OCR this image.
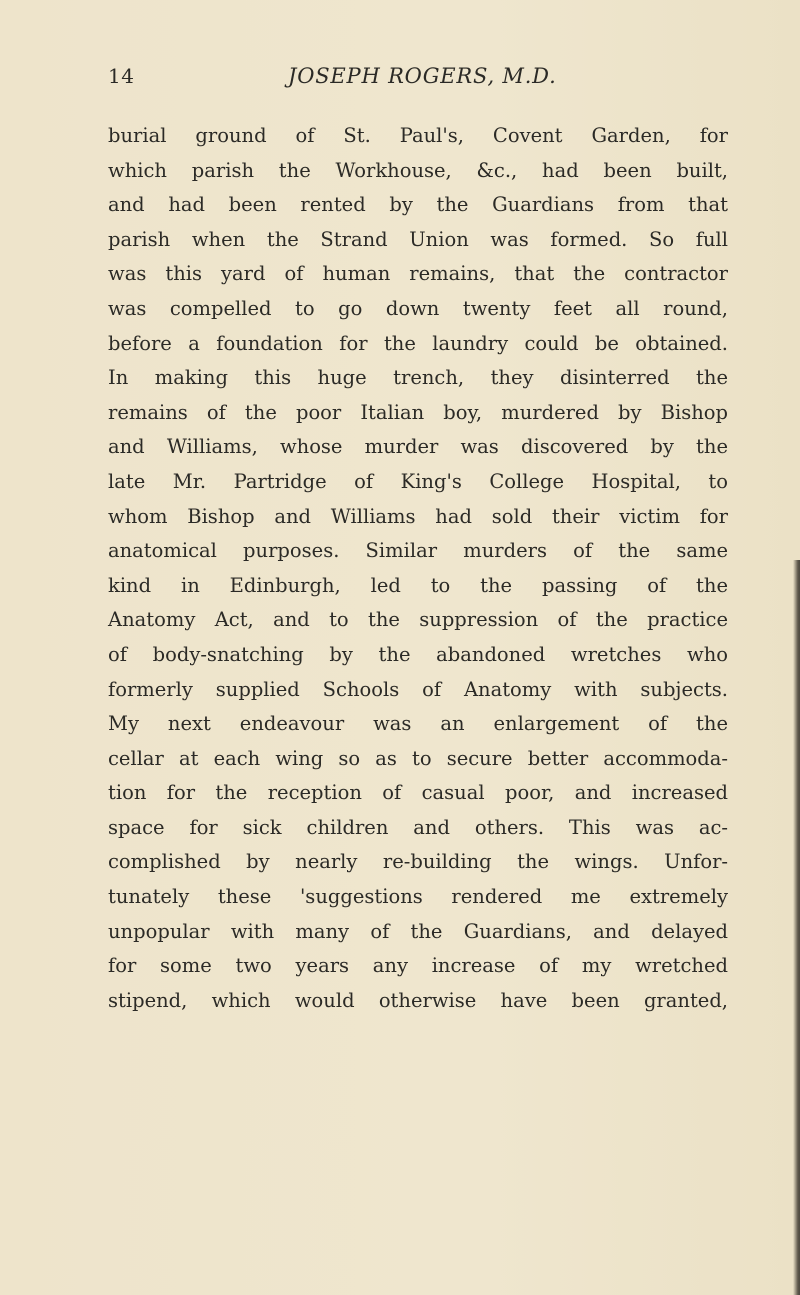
14	JOSEPH ROGERS, M.D.
burial ground of St. Paul's, Covent Garden, for
which parish the Workhouse, &c., had been built,
and had been rented by the Guardians from that
parish when the Strand Union was formed. So full
was this yard of human remains, that the contractor
was compelled to go down twenty feet all round,
before a foundation for the laundry could be obtained.
In making this huge trench, they disinterred the
remains of the poor Italian boy, murdered by Bishop
and Williams, whose murder was discovered by the
late Mr. Partridge of King's College Hospital, to
whom Bishop and Williams had sold their victim for
anatomical purposes. Similar murders of the same
kind in Edinburgh, led to the passing of the
Anatomy Act, and to the suppression of the practice
of body-snatching by the abandoned wretches who
formerly supplied Schools of Anatomy with subjects.
My next endeavour was an enlargement of the
cellar at each wing so as to secure better accommoda-
tion for the reception of casual poor, and increased
space for sick children and others. This was ac-
complished by nearly re-building the wings. Unfor-
tunately these 'suggestions rendered me extremely
unpopular with many of the Guardians, and delayed
for some two years any increase of my wretched
stipend, which would otherwise have been granted,
